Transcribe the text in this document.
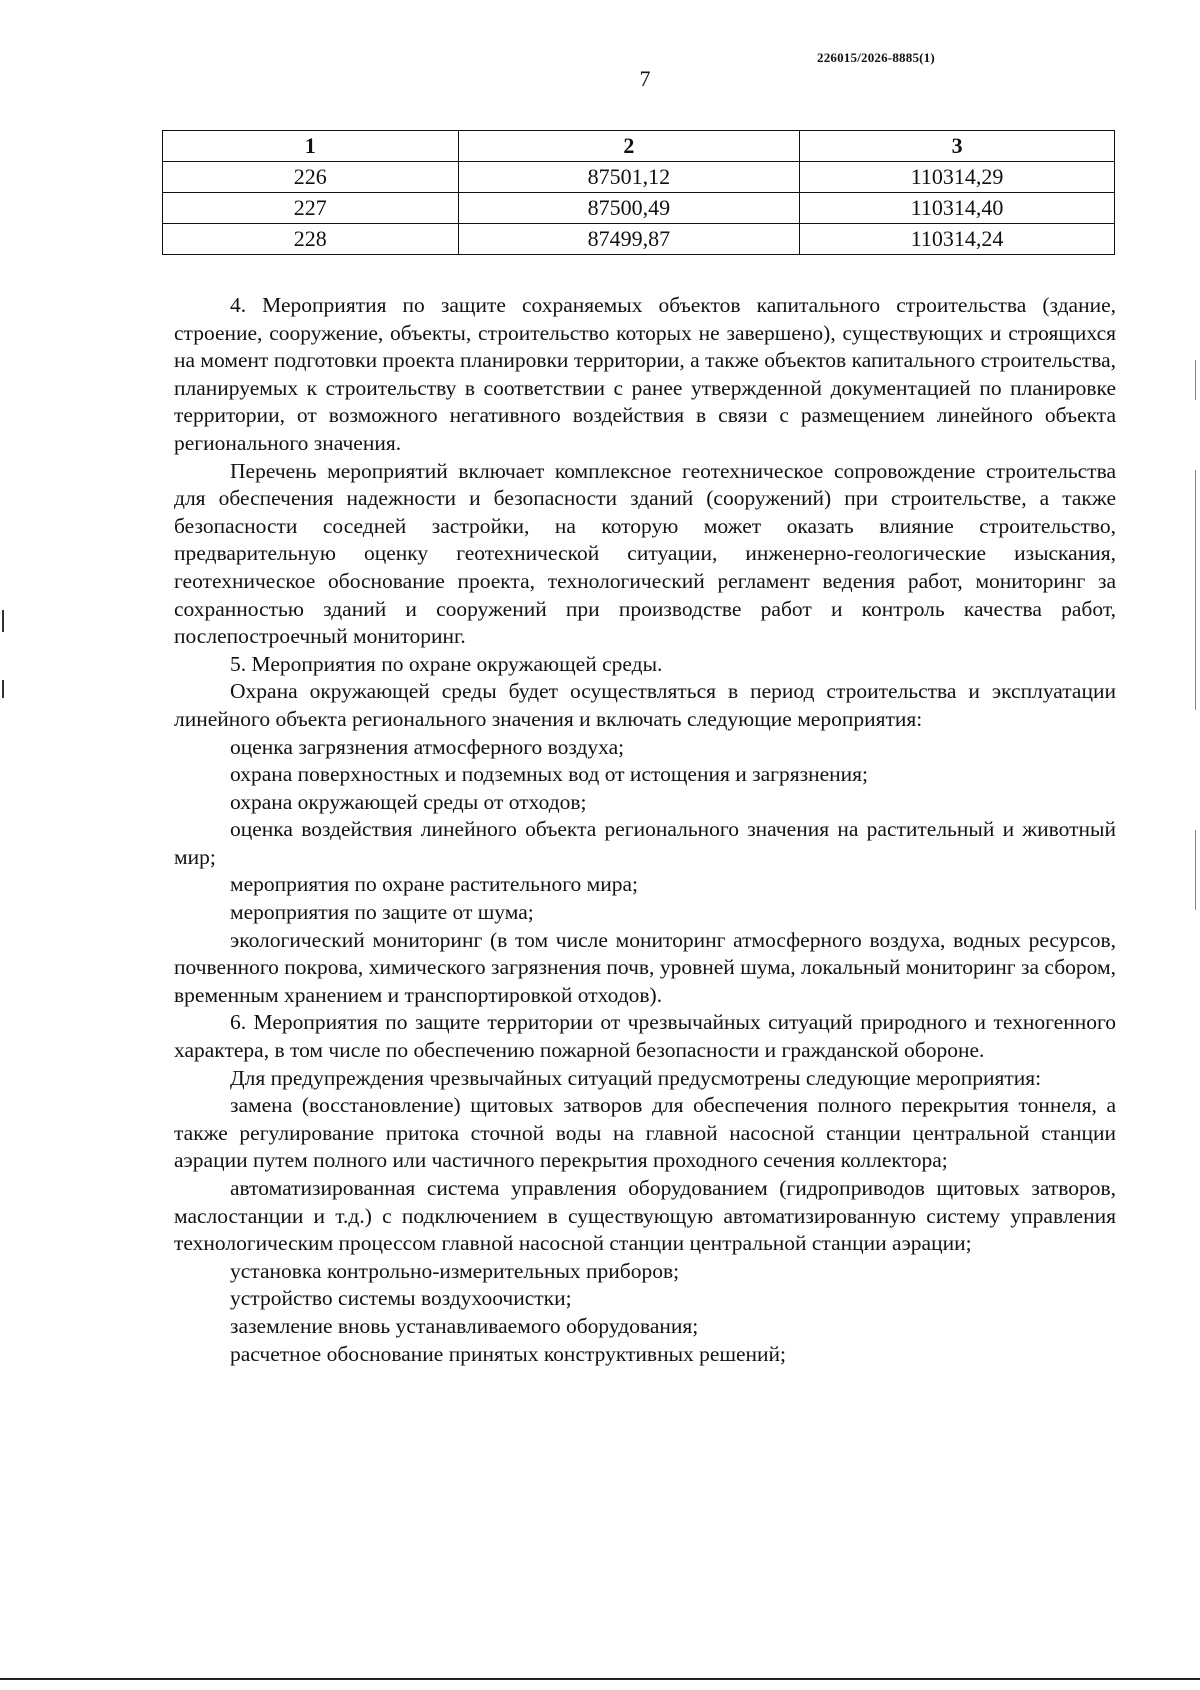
226015/2026-8885(1)
7
1	2	3
226	87501,12	110314,29
227	87500,49	110314,40
228	87499,87	110314,24

4. Мероприятия по защите сохраняемых объектов капитального строительства (здание, строение, сооружение, объекты, строительство которых не завершено), существующих и строящихся на момент подготовки проекта планировки территории, а также объектов капитального строительства, планируемых к строительству в соответствии с ранее утвержденной документацией по планировке территории, от возможного негативного воздействия в связи с размещением линейного объекта регионального значения.

Перечень мероприятий включает комплексное геотехническое сопровождение строительства для обеспечения надежности и безопасности зданий (сооружений) при строительстве, а также безопасности соседней застройки, на которую может оказать влияние строительство, предварительную оценку геотехнической ситуации, инженерно-геологические изыскания, геотехническое обоснование проекта, технологический регламент ведения работ, мониторинг за сохранностью зданий и сооружений при производстве работ и контроль качества работ, послепостроечный мониторинг.

5. Мероприятия по охране окружающей среды.

Охрана окружающей среды будет осуществляться в период строительства и эксплуатации линейного объекта регионального значения и включать следующие мероприятия:

оценка загрязнения атмосферного воздуха;

охрана поверхностных и подземных вод от истощения и загрязнения;

охрана окружающей среды от отходов;

оценка воздействия линейного объекта регионального значения на растительный и животный мир;

мероприятия по охране растительного мира;

мероприятия по защите от шума;

экологический мониторинг (в том числе мониторинг атмосферного воздуха, водных ресурсов, почвенного покрова, химического загрязнения почв, уровней шума, локальный мониторинг за сбором, временным хранением и транспортировкой отходов).

6. Мероприятия по защите территории от чрезвычайных ситуаций природного и техногенного характера, в том числе по обеспечению пожарной безопасности и гражданской обороне.

Для предупреждения чрезвычайных ситуаций предусмотрены следующие мероприятия:

замена (восстановление) щитовых затворов для обеспечения полного перекрытия тоннеля, а также регулирование притока сточной воды на главной насосной станции центральной станции аэрации путем полного или частичного перекрытия проходного сечения коллектора;

автоматизированная система управления оборудованием (гидроприводов щитовых затворов, маслостанции и т.д.) с подключением в существующую автоматизированную систему управления технологическим процессом главной насосной станции центральной станции аэрации;

установка контрольно-измерительных приборов;

устройство системы воздухоочистки;

заземление вновь устанавливаемого оборудования;

расчетное обоснование принятых конструктивных решений;
